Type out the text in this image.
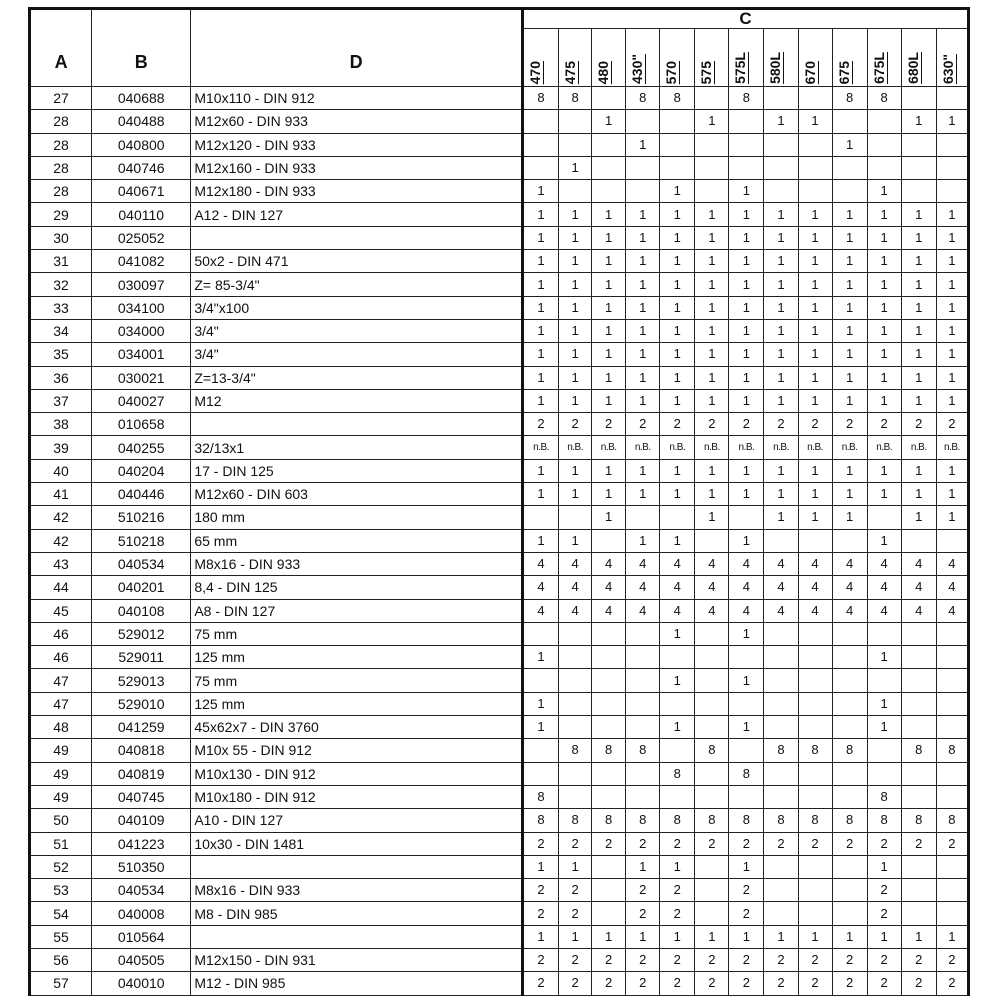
A	B	D	C												

			470	475	480	430"	570	575	575L	580L	670	675	675L	680L	630"

27	040688	M10x110 - DIN 912	8	8		8	8		8			8	8		
28	040488	M12x60 - DIN 933			1			1		1	1			1	1
28	040800	M12x120 - DIN 933				1						1			
28	040746	M12x160 - DIN 933		1											
28	040671	M12x180 - DIN 933	1				1		1				1		
29	040110	A12 - DIN 127	1	1	1	1	1	1	1	1	1	1	1	1	1
30	025052		1	1	1	1	1	1	1	1	1	1	1	1	1
31	041082	50x2 - DIN 471	1	1	1	1	1	1	1	1	1	1	1	1	1
32	030097	Z= 85-3/4"	1	1	1	1	1	1	1	1	1	1	1	1	1
33	034100	3/4"x100	1	1	1	1	1	1	1	1	1	1	1	1	1
34	034000	3/4"	1	1	1	1	1	1	1	1	1	1	1	1	1
35	034001	3/4"	1	1	1	1	1	1	1	1	1	1	1	1	1
36	030021	Z=13-3/4"	1	1	1	1	1	1	1	1	1	1	1	1	1
37	040027	M12	1	1	1	1	1	1	1	1	1	1	1	1	1
38	010658		2	2	2	2	2	2	2	2	2	2	2	2	2
39	040255	32/13x1	n.B.	n.B.	n.B.	n.B.	n.B.	n.B.	n.B.	n.B.	n.B.	n.B.	n.B.	n.B.	n.B.
40	040204	17 - DIN 125	1	1	1	1	1	1	1	1	1	1	1	1	1
41	040446	M12x60 - DIN 603	1	1	1	1	1	1	1	1	1	1	1	1	1
42	510216	180 mm			1			1		1	1	1		1	1
42	510218	65 mm	1	1		1	1		1				1		
43	040534	M8x16 - DIN 933	4	4	4	4	4	4	4	4	4	4	4	4	4
44	040201	8,4 - DIN 125	4	4	4	4	4	4	4	4	4	4	4	4	4
45	040108	A8 - DIN 127	4	4	4	4	4	4	4	4	4	4	4	4	4
46	529012	75 mm					1		1						
46	529011	125 mm	1										1		
47	529013	75 mm					1		1						
47	529010	125 mm	1										1		
48	041259	45x62x7 - DIN 3760	1				1		1				1		
49	040818	M10x 55 - DIN 912		8	8	8		8		8	8	8		8	8
49	040819	M10x130 - DIN 912					8		8						
49	040745	M10x180 - DIN 912	8										8		
50	040109	A10 - DIN 127	8	8	8	8	8	8	8	8	8	8	8	8	8
51	041223	10x30 - DIN 1481	2	2	2	2	2	2	2	2	2	2	2	2	2
52	510350		1	1		1	1		1				1		
53	040534	M8x16 - DIN 933	2	2		2	2		2				2		
54	040008	M8 - DIN 985	2	2		2	2		2				2		
55	010564		1	1	1	1	1	1	1	1	1	1	1	1	1
56	040505	M12x150 - DIN 931	2	2	2	2	2	2	2	2	2	2	2	2	2
57	040010	M12 - DIN 985	2	2	2	2	2	2	2	2	2	2	2	2	2
